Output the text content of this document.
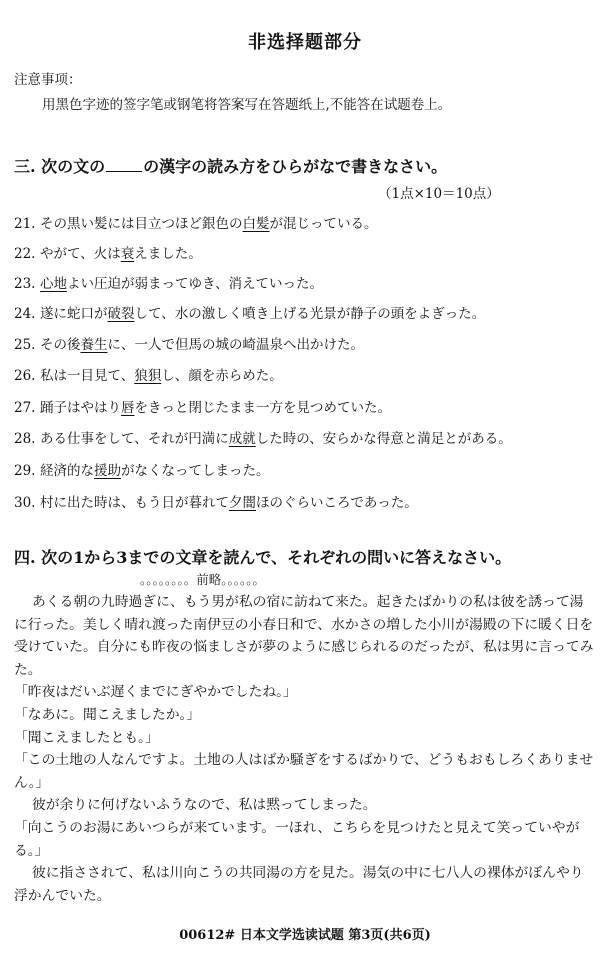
非选择题部分
注意事项：
用黑色字迹的签字笔或钢笔将答案写在答题纸上,不能答在试题卷上。
三. 次の文の の漢字の読み方をひらがなで書きなさい。
（1点×10＝10点）
21. その黒い髪には目立つほど銀色の白髪が混じっている。
22. やがて、火は衰えました。
23. 心地よい圧迫が弱まってゆき、消えていった。
24. 遂に蛇口が破裂して、水の激しく噴き上げる光景が静子の頭をよぎった。
25. その後養生に、一人で但馬の城の崎温泉へ出かけた。
26. 私は一目見て、狼狽し、顔を赤らめた。
27. 踊子はやはり唇をきっと閉じたまま一方を見つめていた。
28. ある仕事をして、それが円満に成就した時の、安らかな得意と満足とがある。
29. 経済的な援助がなくなってしまった。
30. 村に出た時は、もう日が暮れて夕闇ほのぐらいころであった。
四. 次の1から3までの文章を読んで、それぞれの問いに答えなさい。
。。。。。。。。前略。。。。。。

あくる朝の九時過ぎに、もう男が私の宿に訪ねて来た。起きたばかりの私は彼を誘って湯に行った。美しく晴れ渡った南伊豆の小春日和で、水かさの増した小川が湯殿の下に暖く日を受けていた。自分にも昨夜の悩ましさが夢のように感じられるのだったが、私は男に言ってみた。

「昨夜はだいぶ遅くまでにぎやかでしたね。」

「なあに。聞こえましたか。」

「聞こえましたとも。」

「この土地の人なんですよ。土地の人はばか騒ぎをするばかりで、どうもおもしろくありません。」

彼が余りに何げないふうなので、私は黙ってしまった。

「向こうのお湯にあいつらが来ています。一ほれ、こちらを見つけたと見えて笑っていやがる。」

彼に指さされて、私は川向こうの共同湯の方を見た。湯気の中に七八人の裸体がぼんやり浮かんでいた。

00612# 日本文学选读试题 第3页(共6页)
